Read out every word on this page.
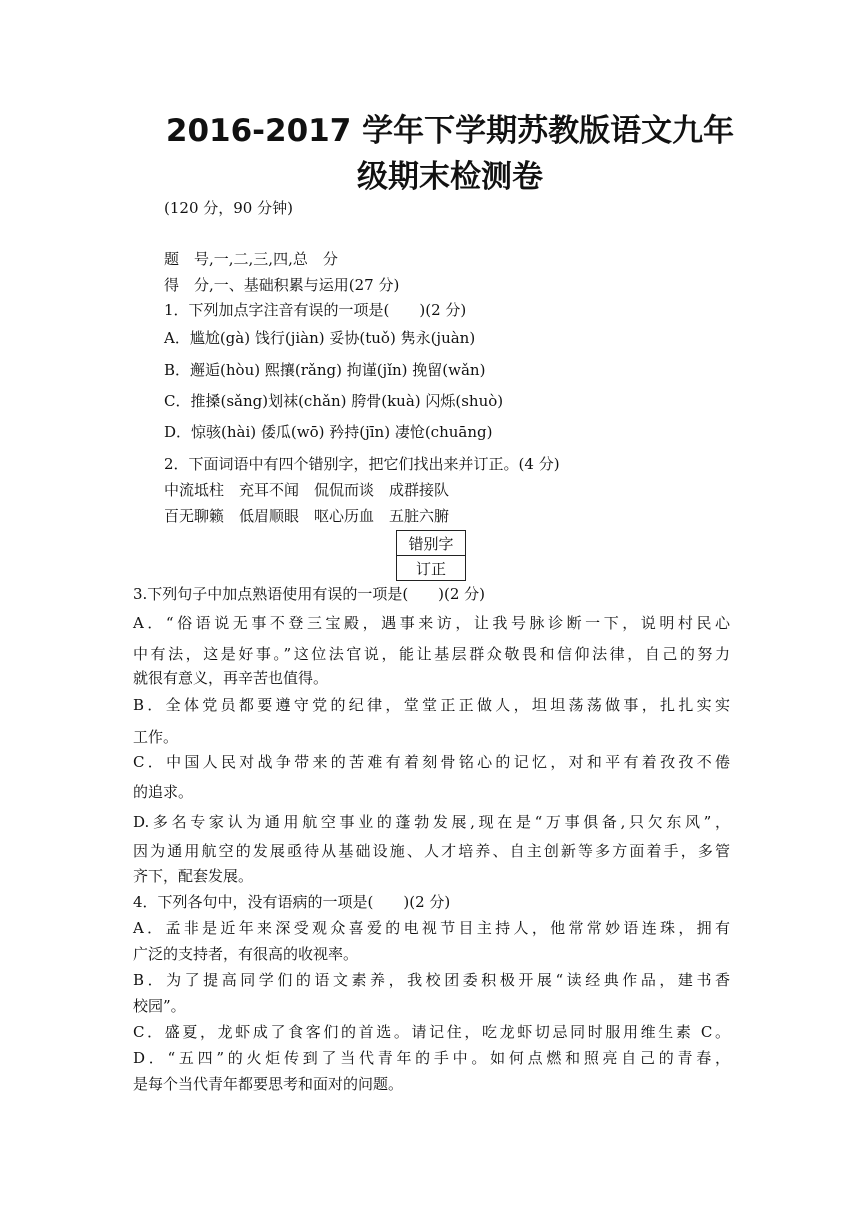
2016-2017 学年下学期苏教版语文九年
级期末检测卷

(120 分，90 分钟)

题　号,一,二,三,四,总　分

得　分,一、基础积累与运用(27 分)

1．下列加点字注音有误的一项是(　　)(2 分)

A．尴尬(gà) 饯行(jiàn) 妥协(tuǒ) 隽永(juàn)

B．邂逅(hòu) 熙攘(rǎng) 拘谨(jǐn) 挽留(wǎn)

C．推搡(sǎng)划袜(chǎn) 胯骨(kuà) 闪烁(shuò)

D．惊骇(hài) 倭瓜(wō) 矜持(jīn) 凄怆(chuāng)

2．下面词语中有四个错别字，把它们找出来并订正。(4 分)

中流坻柱　充耳不闻　侃侃而谈　成群接队

百无聊籁　低眉顺眼　呕心历血　五脏六腑

错别字
订正

3.下列句子中加点熟语使用有误的一项是(　　)(2 分)

A．“俗语说无事不登三宝殿，遇事来访，让我号脉诊断一下，说明村民心

中有法，这是好事。”这位法官说，能让基层群众敬畏和信仰法律，自己的努力

就很有意义，再辛苦也值得。

B．全体党员都要遵守党的纪律，堂堂正正做人，坦坦荡荡做事，扎扎实实

工作。

C．中国人民对战争带来的苦难有着刻骨铭心的记忆，对和平有着孜孜不倦

的追求。

D.多名专家认为通用航空事业的蓬勃发展,现在是“万事俱备,只欠东风”，

因为通用航空的发展亟待从基础设施、人才培养、自主创新等多方面着手，多管

齐下，配套发展。

4．下列各句中，没有语病的一项是(　　)(2 分)

A．孟非是近年来深受观众喜爱的电视节目主持人，他常常妙语连珠，拥有

广泛的支持者，有很高的收视率。

B．为了提高同学们的语文素养，我校团委积极开展“读经典作品，建书香

校园”。

C．盛夏，龙虾成了食客们的首选。请记住，吃龙虾切忌同时服用维生素 C。

D．“五四”的火炬传到了当代青年的手中。如何点燃和照亮自己的青春，

是每个当代青年都要思考和面对的问题。
